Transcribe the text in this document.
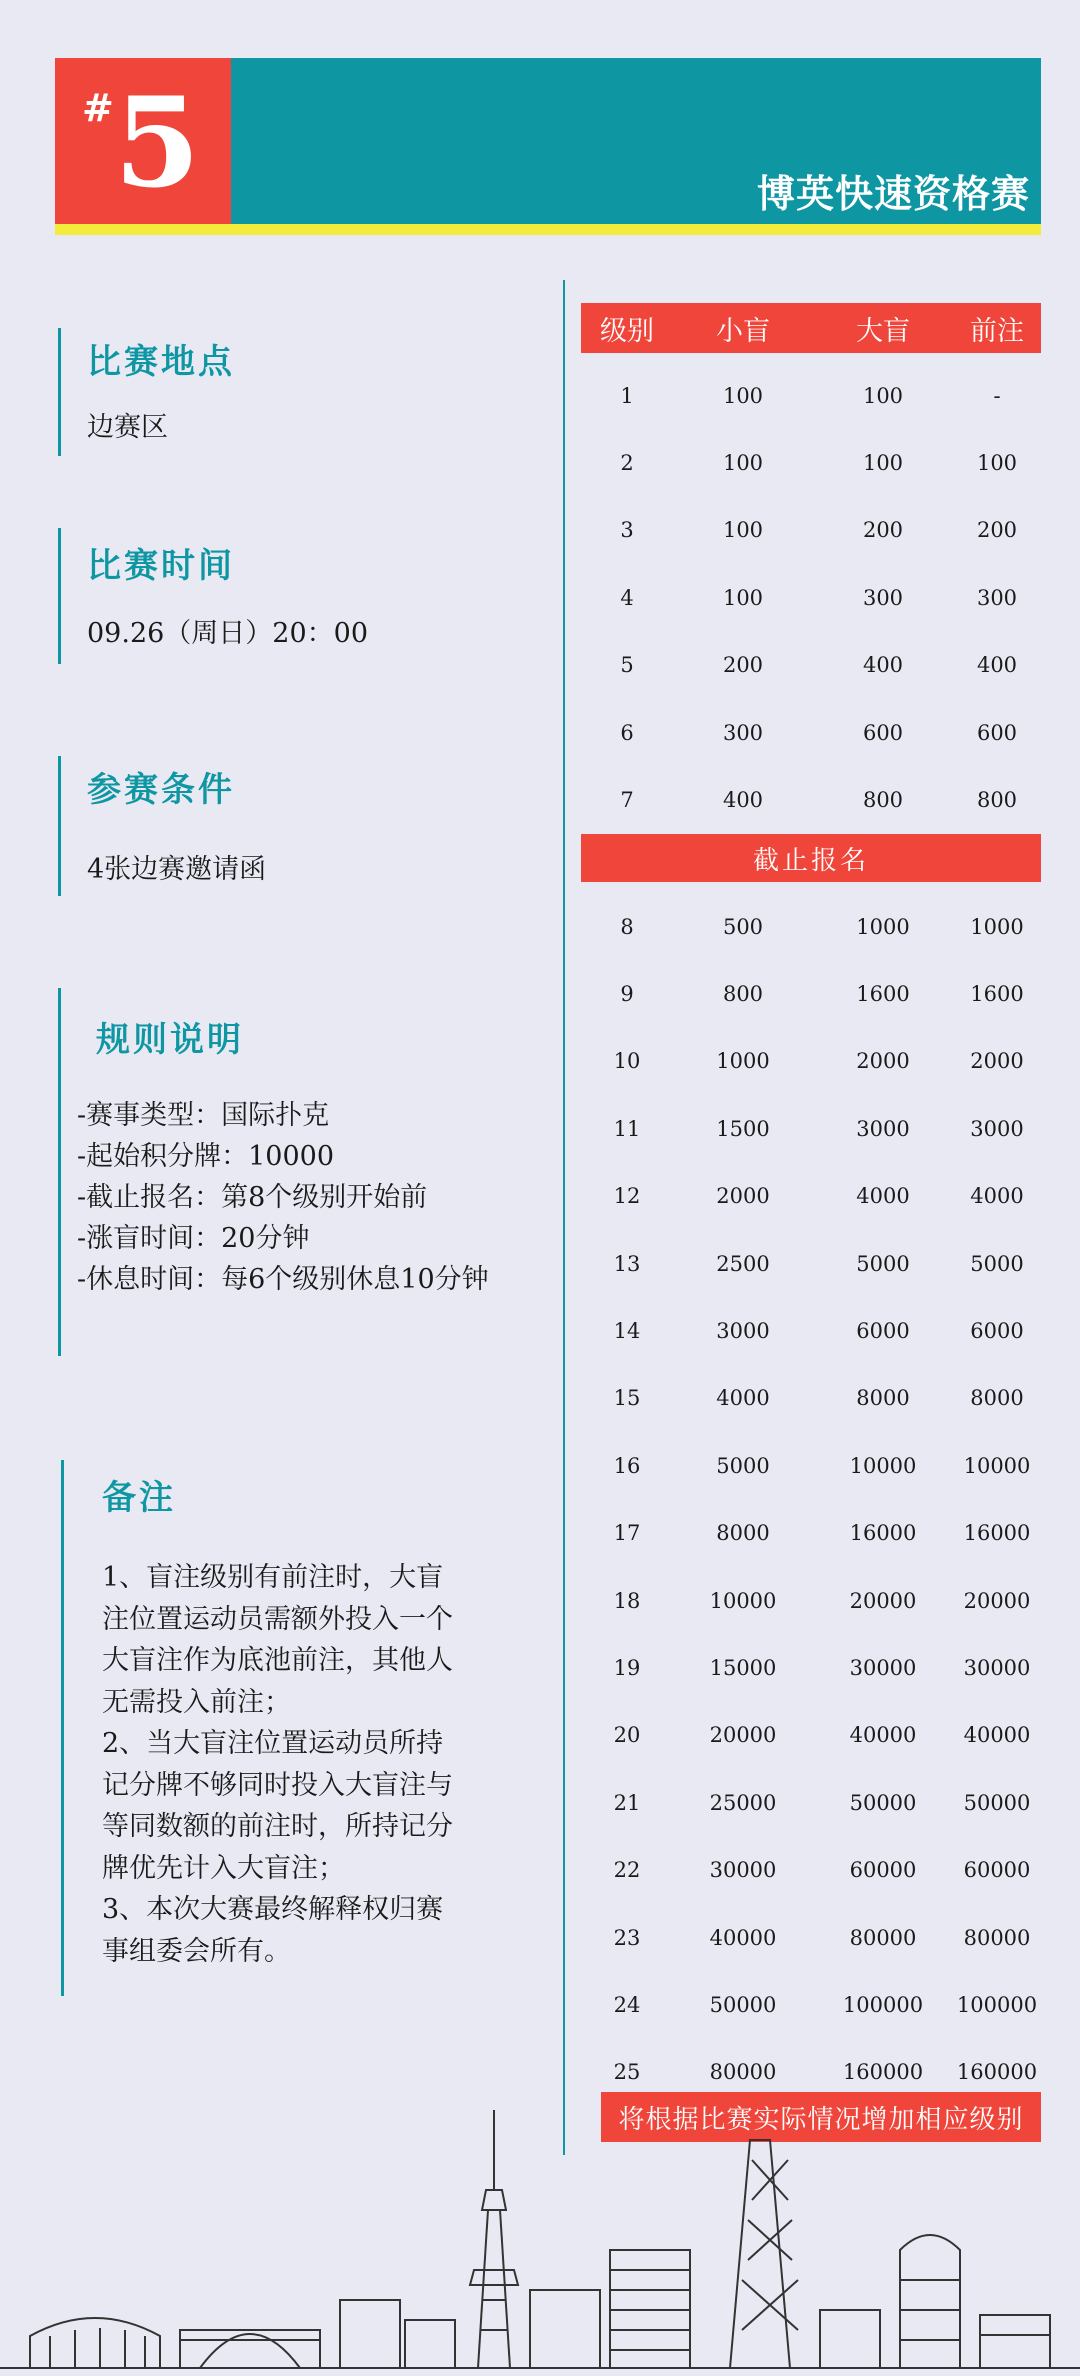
# 5	博英快速资格赛

比赛地点

边赛区

比赛时间

09.26（周日）20：00

参赛条件

4张边赛邀请函

规则说明

-赛事类型：国际扑克
-起始积分牌：10000
-截止报名：第8个级别开始前
-涨盲时间：20分钟
-休息时间：每6个级别休息10分钟

备注

1、盲注级别有前注时，大盲
注位置运动员需额外投入一个
大盲注作为底池前注，其他人
无需投入前注；
2、当大盲注位置运动员所持
记分牌不够同时投入大盲注与
等同数额的前注时，所持记分
牌优先计入大盲注；
3、本次大赛最终解释权归赛
事组委会所有。
级别	小盲	大盲	前注
1	100	100	-
2	100	100	100
3	100	200	200
4	100	300	300
5	200	400	400
6	300	600	600
7	400	800	800
截止报名
8	500	1000	1000
9	800	1600	1600
10	1000	2000	2000
11	1500	3000	3000
12	2000	4000	4000
13	2500	5000	5000
14	3000	6000	6000
15	4000	8000	8000
16	5000	10000	10000
17	8000	16000	16000
18	10000	20000	20000
19	15000	30000	30000
20	20000	40000	40000
21	25000	50000	50000
22	30000	60000	60000
23	40000	80000	80000
24	50000	100000	100000
25	80000	160000	160000
将根据比赛实际情况增加相应级别
